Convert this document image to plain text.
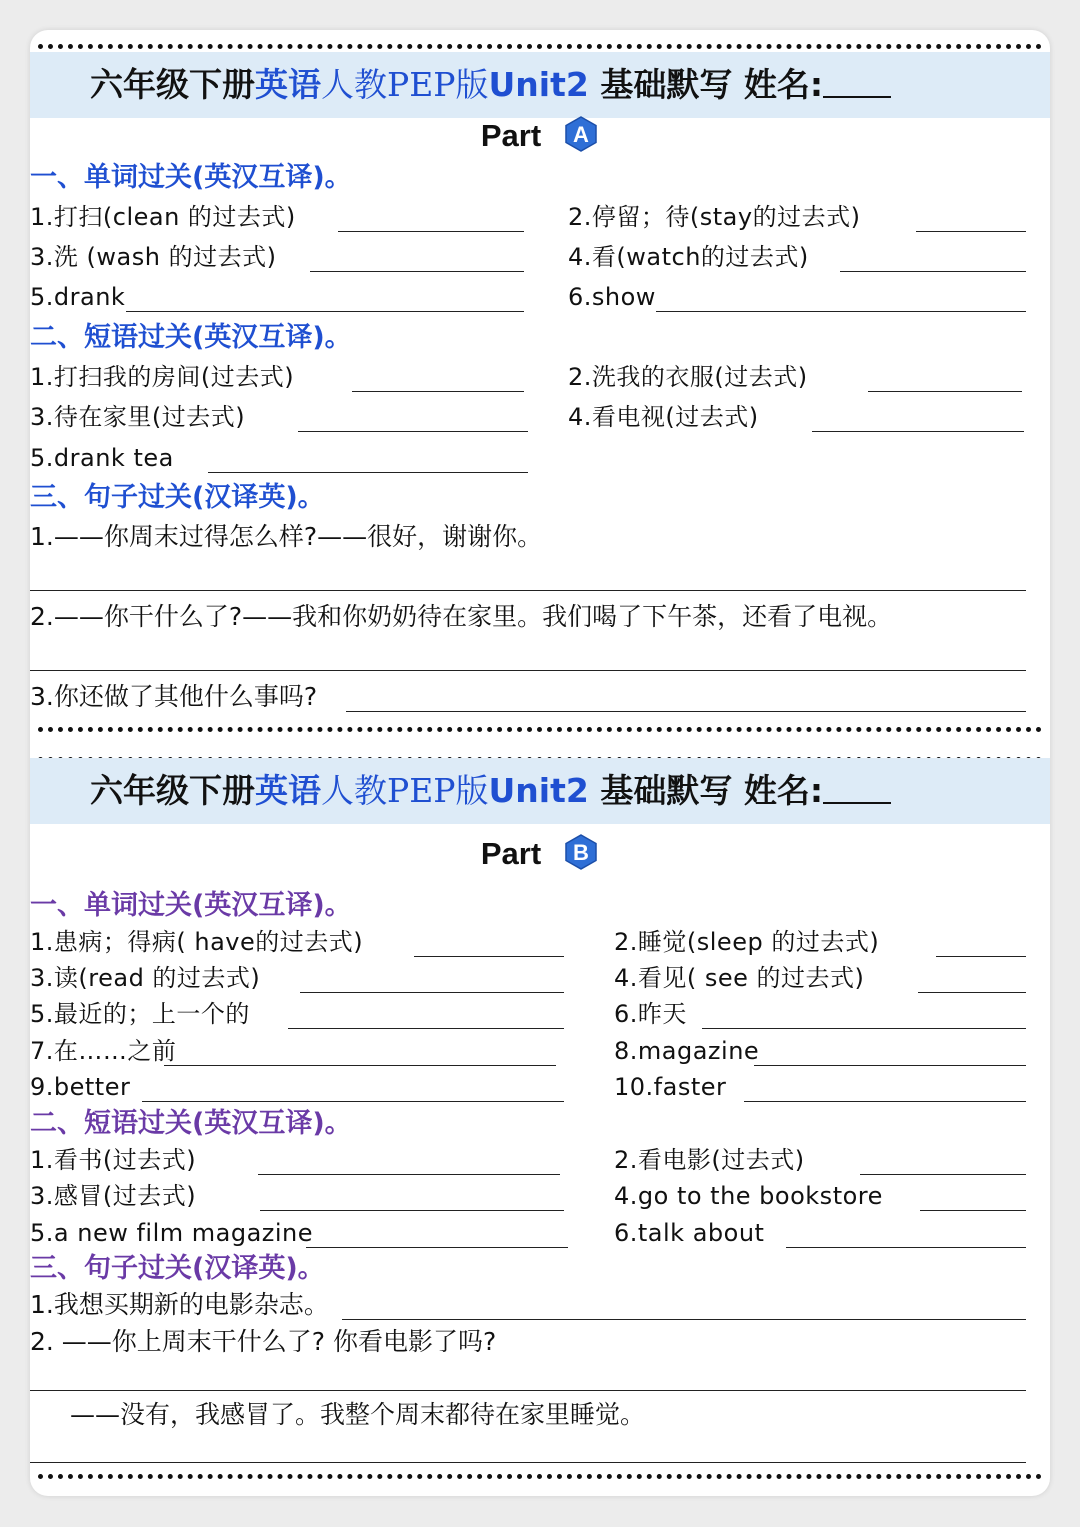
六年级下册英语人教PEP版Unit2 基础默写 姓名:
Part A
一、单词过关(英汉互译)。
1.打扫(clean 的过去式)	2.停留；待(stay的过去式)
3.洗 (wash 的过去式)	4.看(watch的过去式)
5.drank	6.show
二、短语过关(英汉互译)。
1.打扫我的房间(过去式)	2.洗我的衣服(过去式)
3.待在家里(过去式)	4.看电视(过去式)
5.drank tea
三、句子过关(汉译英)。
1.——你周末过得怎么样?——很好，谢谢你。
2.——你干什么了?——我和你奶奶待在家里。我们喝了下午茶，还看了电视。
3.你还做了其他什么事吗?
六年级下册英语人教PEP版Unit2 基础默写 姓名:
Part B
一、单词过关(英汉互译)。
1.患病；得病( have的过去式)	2.睡觉(sleep 的过去式)
3.读(read 的过去式)	4.看见( see 的过去式)
5.最近的；上一个的	6.昨天
7.在……之前	8.magazine
9.better	10.faster
二、短语过关(英汉互译)。
1.看书(过去式)	2.看电影(过去式)
3.感冒(过去式)	4.go to the bookstore
5.a new film magazine	6.talk about
三、句子过关(汉译英)。
1.我想买期新的电影杂志。
2. ——你上周末干什么了? 你看电影了吗?
——没有，我感冒了。我整个周末都待在家里睡觉。
